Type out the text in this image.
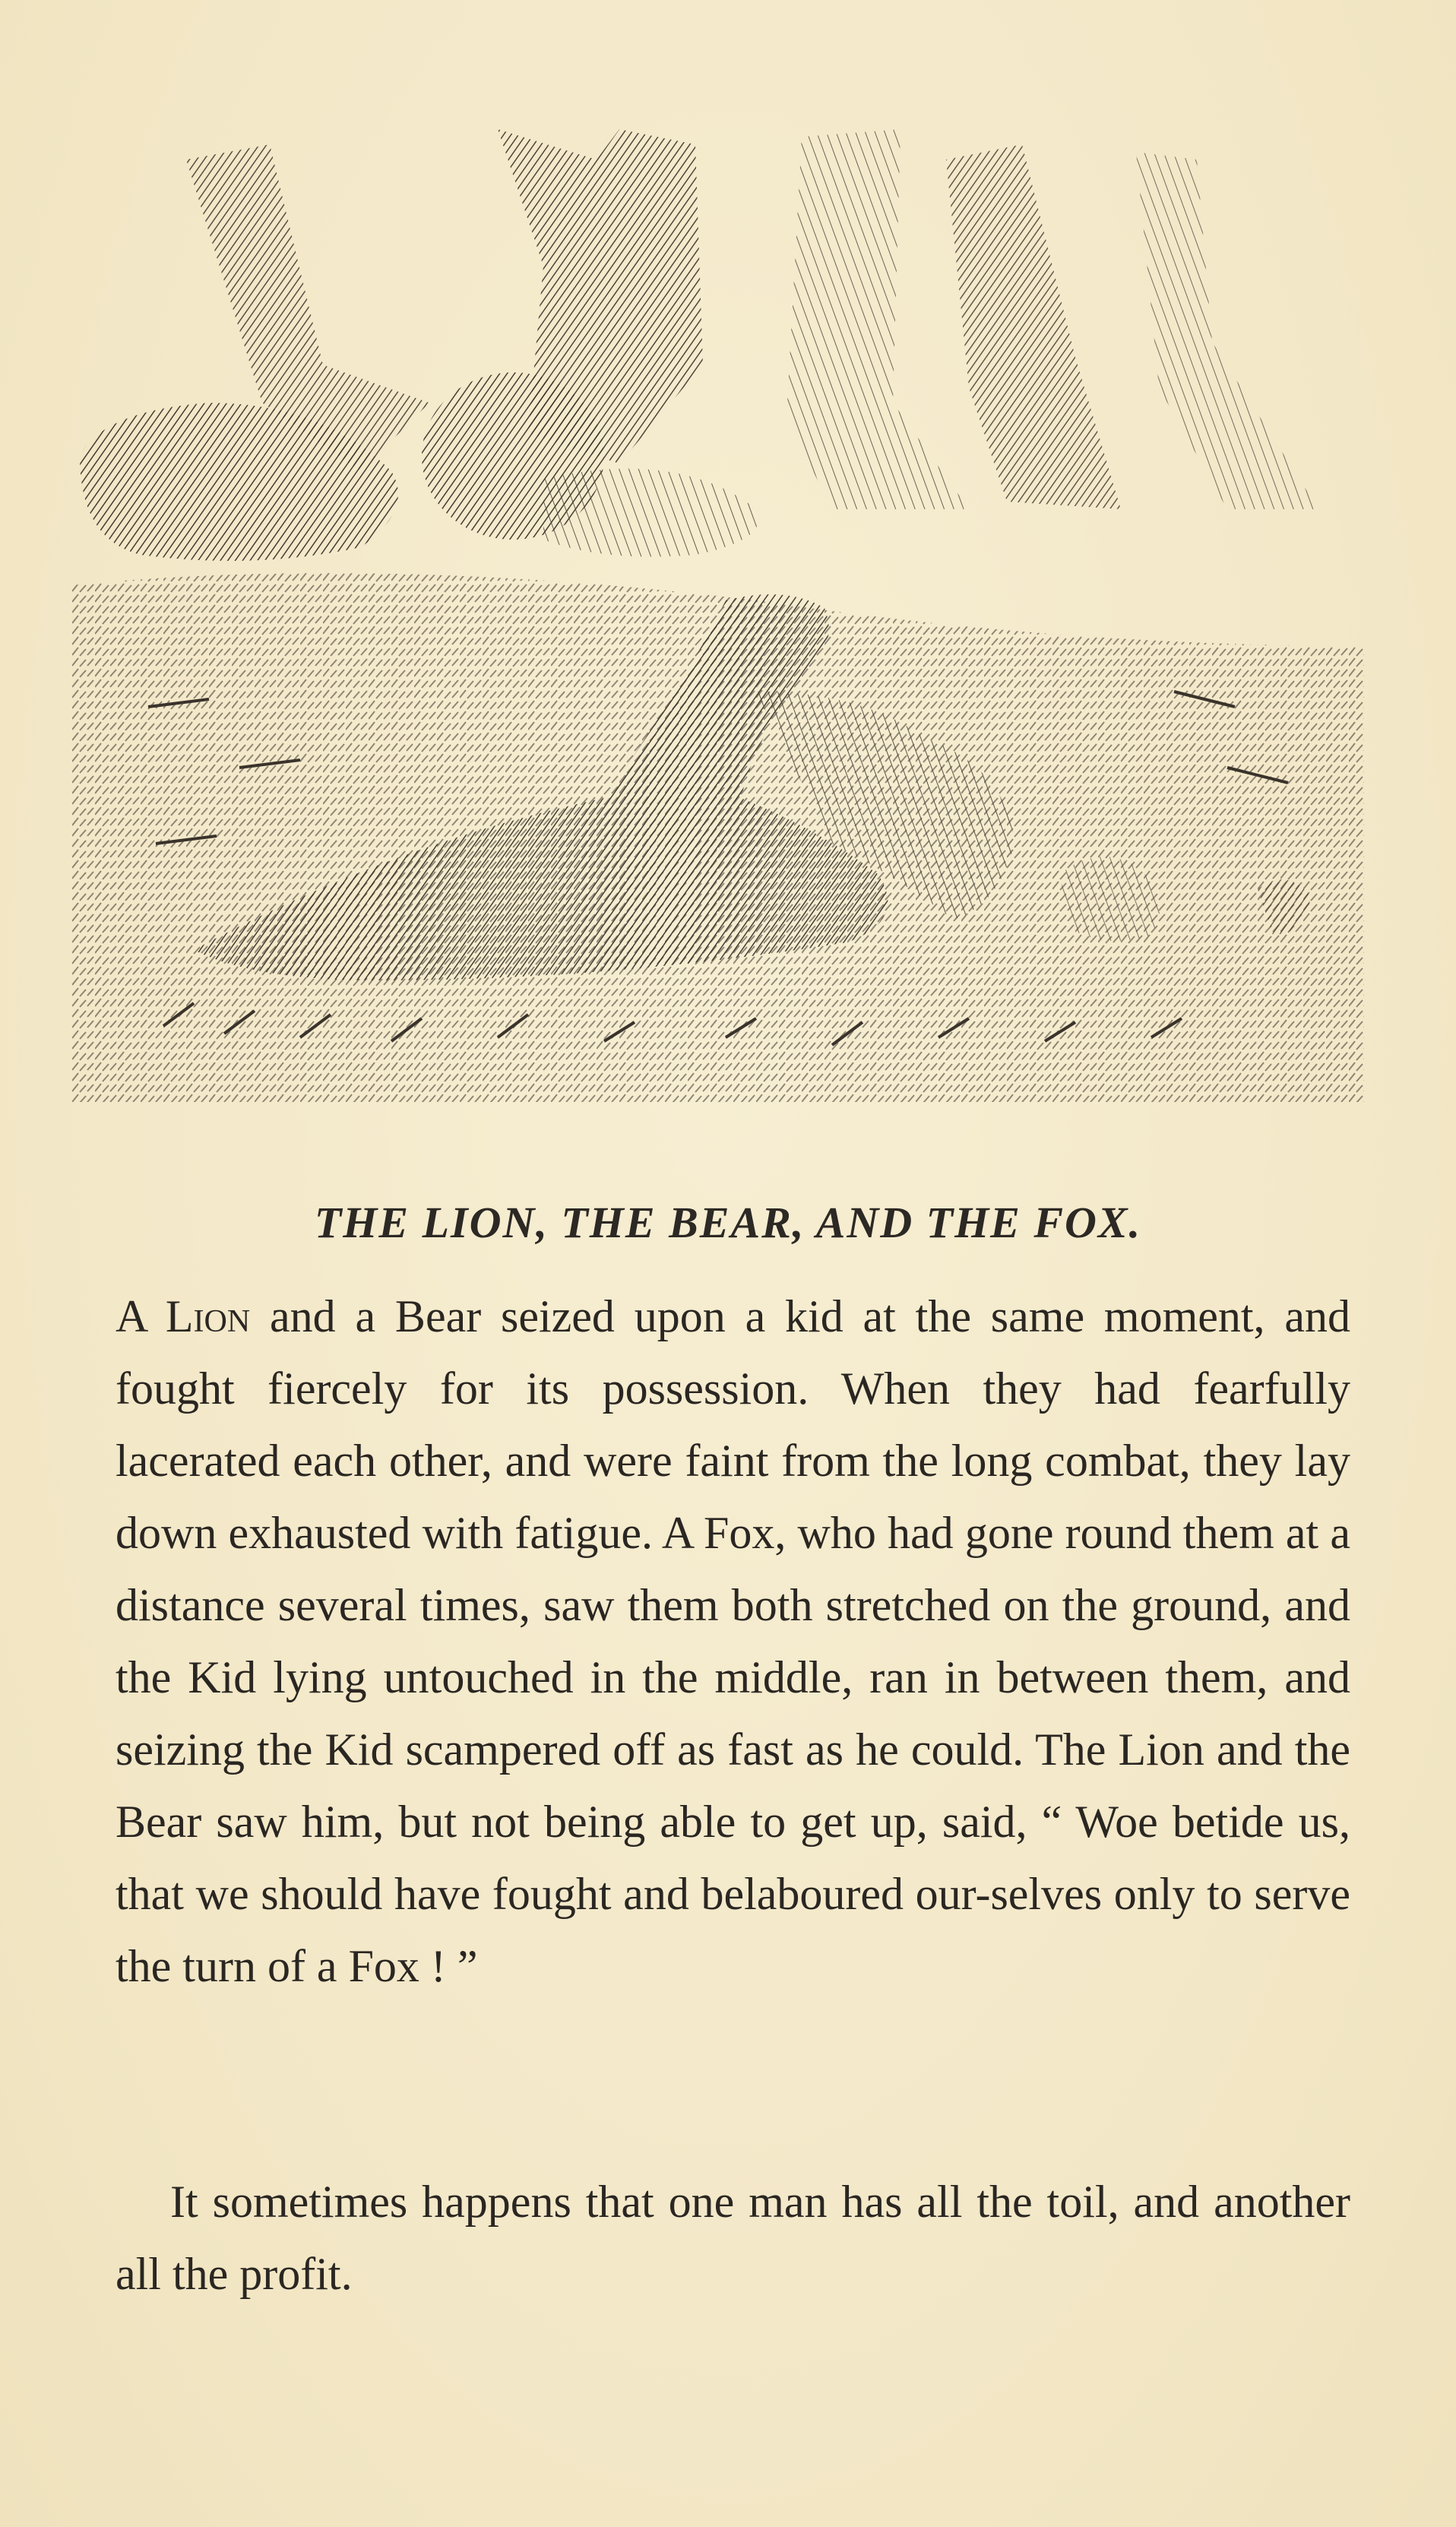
THE LION, THE BEAR, AND THE FOX.

A Lion and a Bear seized upon a kid at the same moment, and fought fiercely for its possession. When they had fearfully lacerated each other, and were faint from the long combat, they lay down exhausted with fatigue. A Fox, who had gone round them at a distance several times, saw them both stretched on the ground, and the Kid lying untouched in the middle, ran in between them, and seizing the Kid scampered off as fast as he could. The Lion and the Bear saw him, but not being able to get up, said, “ Woe betide us, that we should have fought and belaboured our-selves only to serve the turn of a Fox ! ”

It sometimes happens that one man has all the toil, and another all the profit.
